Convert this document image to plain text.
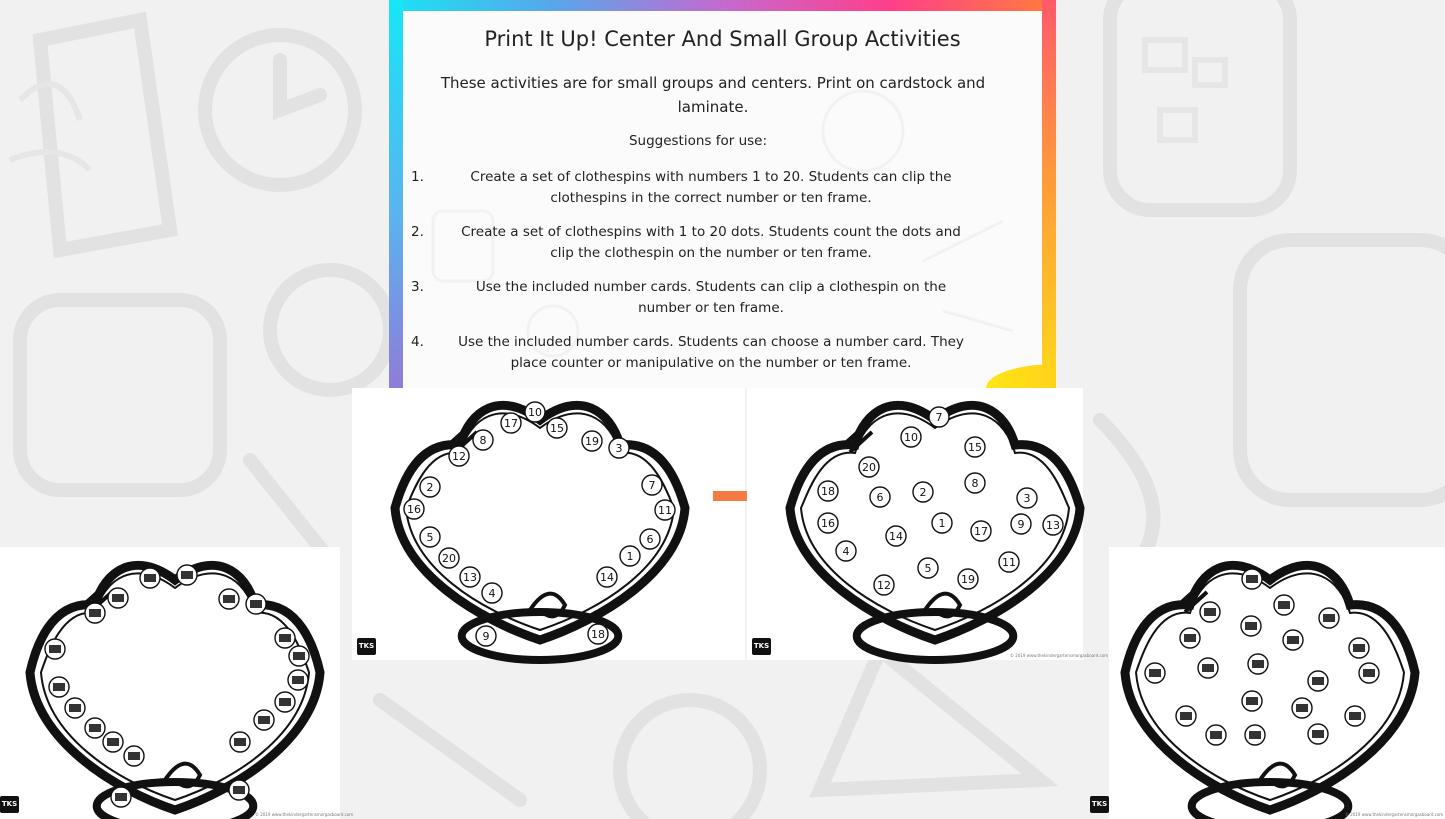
Print It Up! Center And Small Group Activities
These activities are for small groups and centers. Print on cardstock and laminate.
Suggestions for use:
1.	Create a set of clothespins with numbers 1 to 20. Students can clip the clothespins in the correct number or ten frame.
2.	Create a set of clothespins with 1 to 20 dots. Students count the dots and clip the clothespin on the number or ten frame.
3.	Use the included number cards. Students can clip a clothespin on the number or ten frame.
4.	Use the included number cards. Students can choose a number card. They place counter or manipulative on the number or ten frame.
10
17	15
8	19
12
3
2	7
16	11
5	6
20	1
13	14
4
9	18
7
10
15
20
8
18	6	2	3
16	1
14	17
9 13
4
5	11
12	19
TKS	TKS
TKS	TKS
© 2019 www.thekindergartensmorgasboard.com
© 2019 www.thekindergartensmorgasboard.com	© 2019 www.thekindergartensmorgasboard.com
